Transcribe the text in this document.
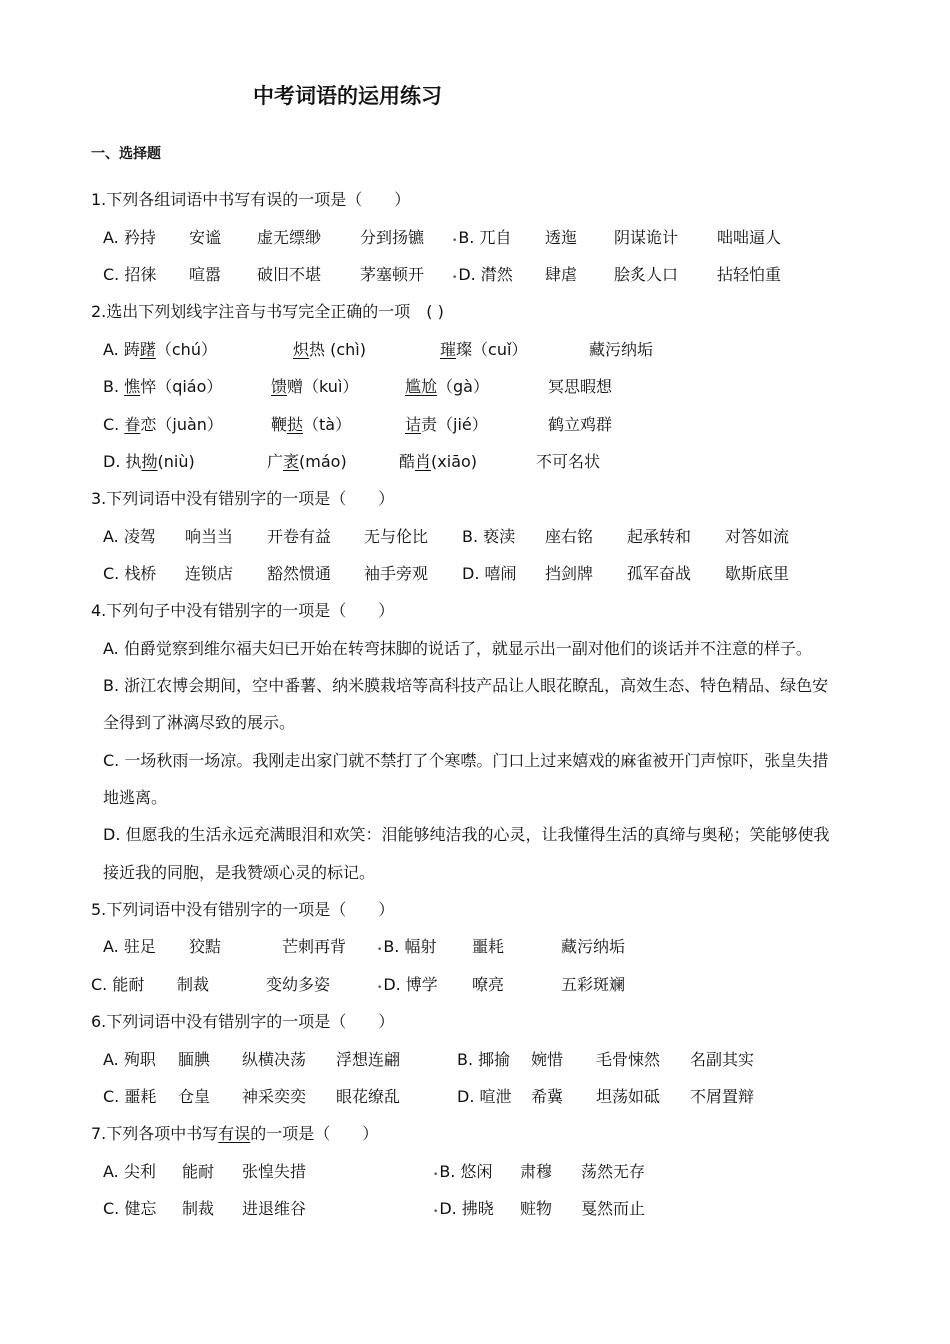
中考词语的运用练习
一、选择题
1.下列各组词语中书写有误的一项是（　　）
A. 矜持 安谧 虚无缥缈 分到扬镳	•B. 兀自 透迤 阴谋诡计 咄咄逼人
C. 招徕 喧嚣 破旧不堪 茅塞顿开	•D. 潸然 肆虐 脍炙人口 拈轻怕重
2.选出下列划线字注音与书写完全正确的一项　( )
A. 踌躇（chú）	炽热 (chì)	璀璨（cuǐ）	藏污纳垢
B. 憔悴（qiáo）	馈赠（kuì）	尴尬（gà）	冥思暇想
C. 眷恋（juàn）	鞭挞（tà）	诘责（jié）	鹤立鸡群
D. 执拗(niù)	广袤(máo)	酷肖(xiāo)	不可名状
3.下列词语中没有错别字的一项是（　　）
A. 凌驾 响当当 开卷有益 无与伦比 B. 亵渎 座右铭 起承转和 对答如流
C. 栈桥 连锁店 豁然惯通 袖手旁观 D. 嘻闹 挡剑牌 孤军奋战 歇斯底里
4.下列句子中没有错别字的一项是（　　）
A. 伯爵觉察到维尔福夫妇已开始在转弯抹脚的说话了，就显示出一副对他们的谈话并不注意的样子。
B. 浙江农博会期间，空中番薯、纳米膜栽培等高科技产品让人眼花瞭乱，高效生态、特色精品、绿色安
全得到了淋漓尽致的展示。
C. 一场秋雨一场凉。我刚走出家门就不禁打了个寒噤。门口上过来嬉戏的麻雀被开门声惊吓，张皇失措
地逃离。
D. 但愿我的生活永远充满眼泪和欢笑：泪能够纯洁我的心灵，让我懂得生活的真缔与奥秘；笑能够使我
接近我的同胞，是我赞颂心灵的标记。
5.下列词语中没有错别字的一项是（　　）
A. 驻足 狡黠	芒刺再背	•B. 幅射 噩耗	藏污纳垢
C. 能耐 制裁	变幼多姿	•D. 博学 嘹亮	五彩斑斓
6.下列词语中没有错别字的一项是（　　）
A. 殉职 腼腆 纵横决荡 浮想连翩	B. 揶揄 婉惜 毛骨悚然 名副其实
C. 噩耗 仓皇 神采奕奕 眼花缭乱	D. 喧泄 希冀 坦荡如砥 不屑置辩
7.下列各项中书写有误的一项是（　　）
A. 尖利 能耐 张惶失措	•B. 悠闲 肃穆 荡然无存
C. 健忘 制裁 进退维谷	•D. 拂晓 赃物 戛然而止
